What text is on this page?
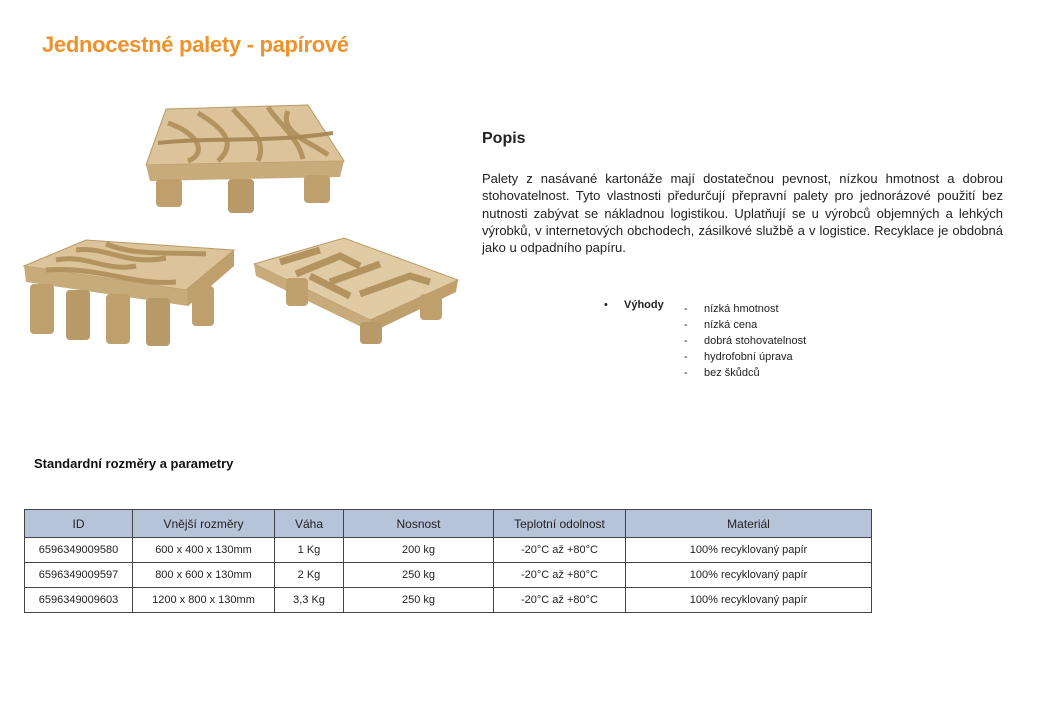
Jednocestné palety - papírové
Popis
Palety z nasávané kartonáže mají dostatečnou pevnost, nízkou hmotnost a dobrou stohovatelnost. Tyto vlastnosti předurčují přepravní palety pro jednorázové použití bez nutnosti zabývat se nákladnou logistikou. Uplatňují se u výrobců objemných a lehkých výrobků, v internetových obchodech, zásilkové službě a v logistice. Recyklace je obdobná jako u odpadního papíru.
• Výhody - nízká hmotnost
- nízká cena
- dobrá stohovatelnost
- hydrofobní úprava
- bez škůdců
Standardní rozměry a parametry
ID	Vnější rozměry	Váha	Nosnost	Teplotní odolnost	Materiál
6596349009580	600 x 400 x 130mm	1 Kg	200 kg	-20°C až +80°C	100% recyklovaný papír
6596349009597	800 x 600 x 130mm	2 Kg	250 kg	-20°C až +80°C	100% recyklovaný papír
6596349009603	1200 x 800 x 130mm	3,3 Kg	250 kg	-20°C až +80°C	100% recyklovaný papír
